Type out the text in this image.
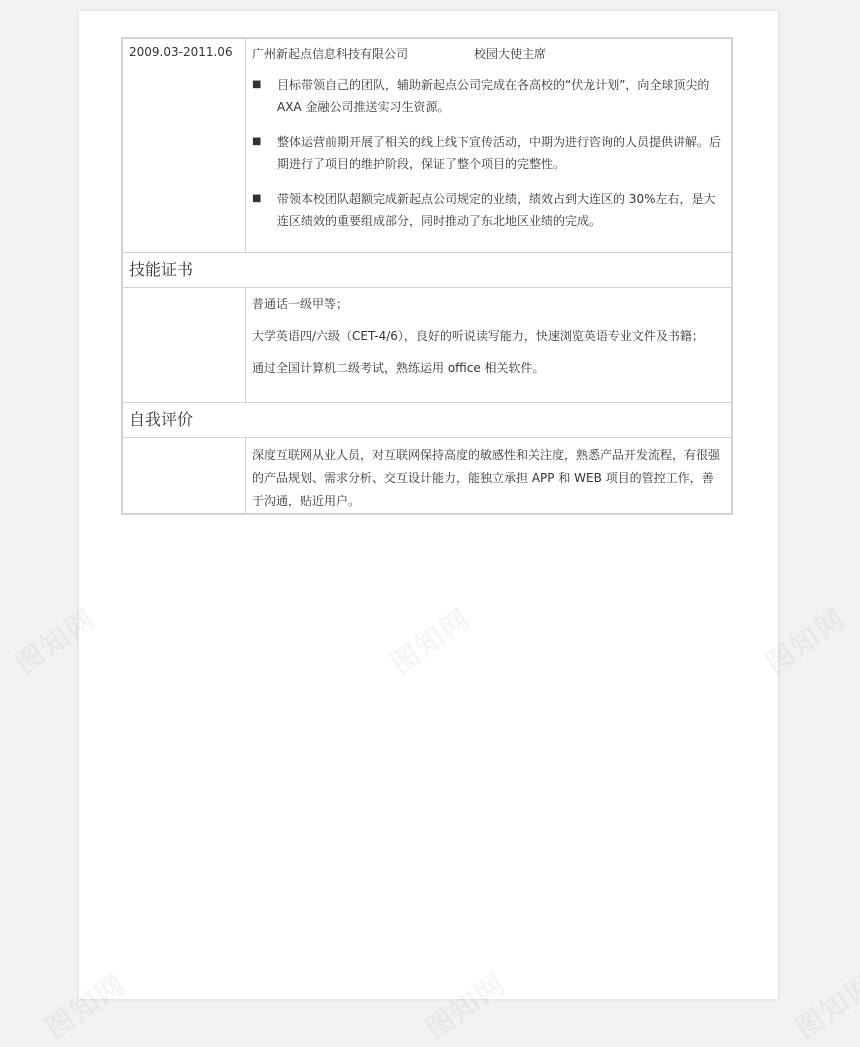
2009.03-2011.06	广州新起点信息科技有限公司	校园大使主席
■	目标带领自己的团队，辅助新起点公司完成在各高校的“伏龙计划”，向全球顶尖的 AXA 金融公司推送实习生资源。
■	整体运营前期开展了相关的线上线下宣传活动，中期为进行咨询的人员提供讲解。后期进行了项目的维护阶段，保证了整个项目的完整性。
■	带领本校团队超额完成新起点公司规定的业绩，绩效占到大连区的 30%左右，是大连区绩效的重要组成部分，同时推动了东北地区业绩的完成。
技能证书
普通话一级甲等；
大学英语四/六级（CET-4/6），良好的听说读写能力，快速浏览英语专业文件及书籍；
通过全国计算机二级考试，熟练运用 office 相关软件。
自我评价
深度互联网从业人员，对互联网保持高度的敏感性和关注度，熟悉产品开发流程，有很强的产品规划、需求分析、交互设计能力，能独立承担 APP 和 WEB 项目的管控工作，善于沟通，贴近用户。
